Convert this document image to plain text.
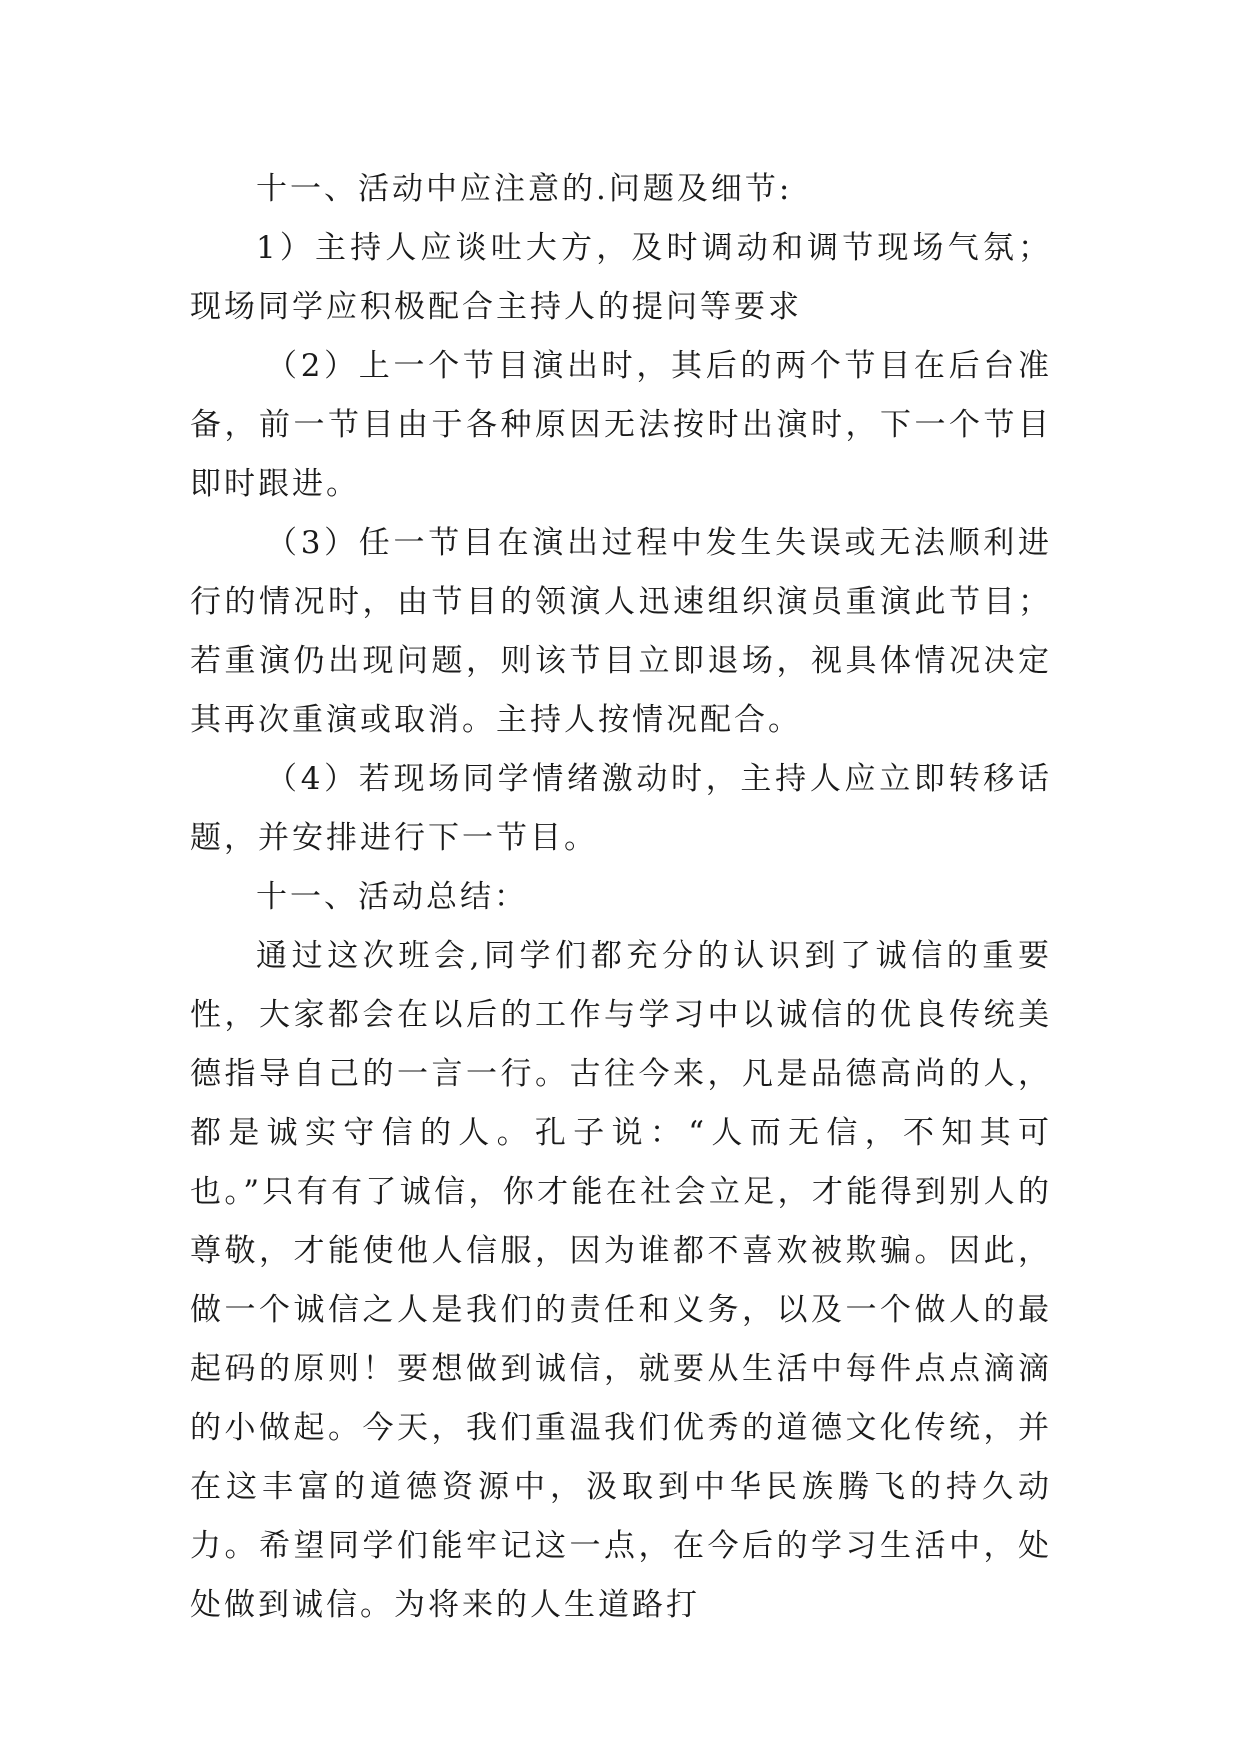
十一、活动中应注意的.问题及细节:

1）主持人应谈吐大方，及时调动和调节现场气氛；现场同学应积极配合主持人的提问等要求

（2）上一个节目演出时，其后的两个节目在后台准备，前一节目由于各种原因无法按时出演时，下一个节目即时跟进。

（3）任一节目在演出过程中发生失误或无法顺利进行的情况时，由节目的领演人迅速组织演员重演此节目；若重演仍出现问题，则该节目立即退场，视具体情况决定其再次重演或取消。主持人按情况配合。

（4）若现场同学情绪激动时，主持人应立即转移话题，并安排进行下一节目。

十一、活动总结：

通过这次班会,同学们都充分的认识到了诚信的重要性，大家都会在以后的工作与学习中以诚信的优良传统美德指导自己的一言一行。古往今来，凡是品德高尚的人，都是诚实守信的人。孔子说：“人而无信，不知其可也。”只有有了诚信，你才能在社会立足，才能得到别人的尊敬，才能使他人信服，因为谁都不喜欢被欺骗。因此，做一个诚信之人是我们的责任和义务，以及一个做人的最起码的原则！要想做到诚信，就要从生活中每件点点滴滴的小做起。今天，我们重温我们优秀的道德文化传统，并在这丰富的道德资源中，汲取到中华民族腾飞的持久动力。希望同学们能牢记这一点，在今后的学习生活中，处处做到诚信。为将来的人生道路打
